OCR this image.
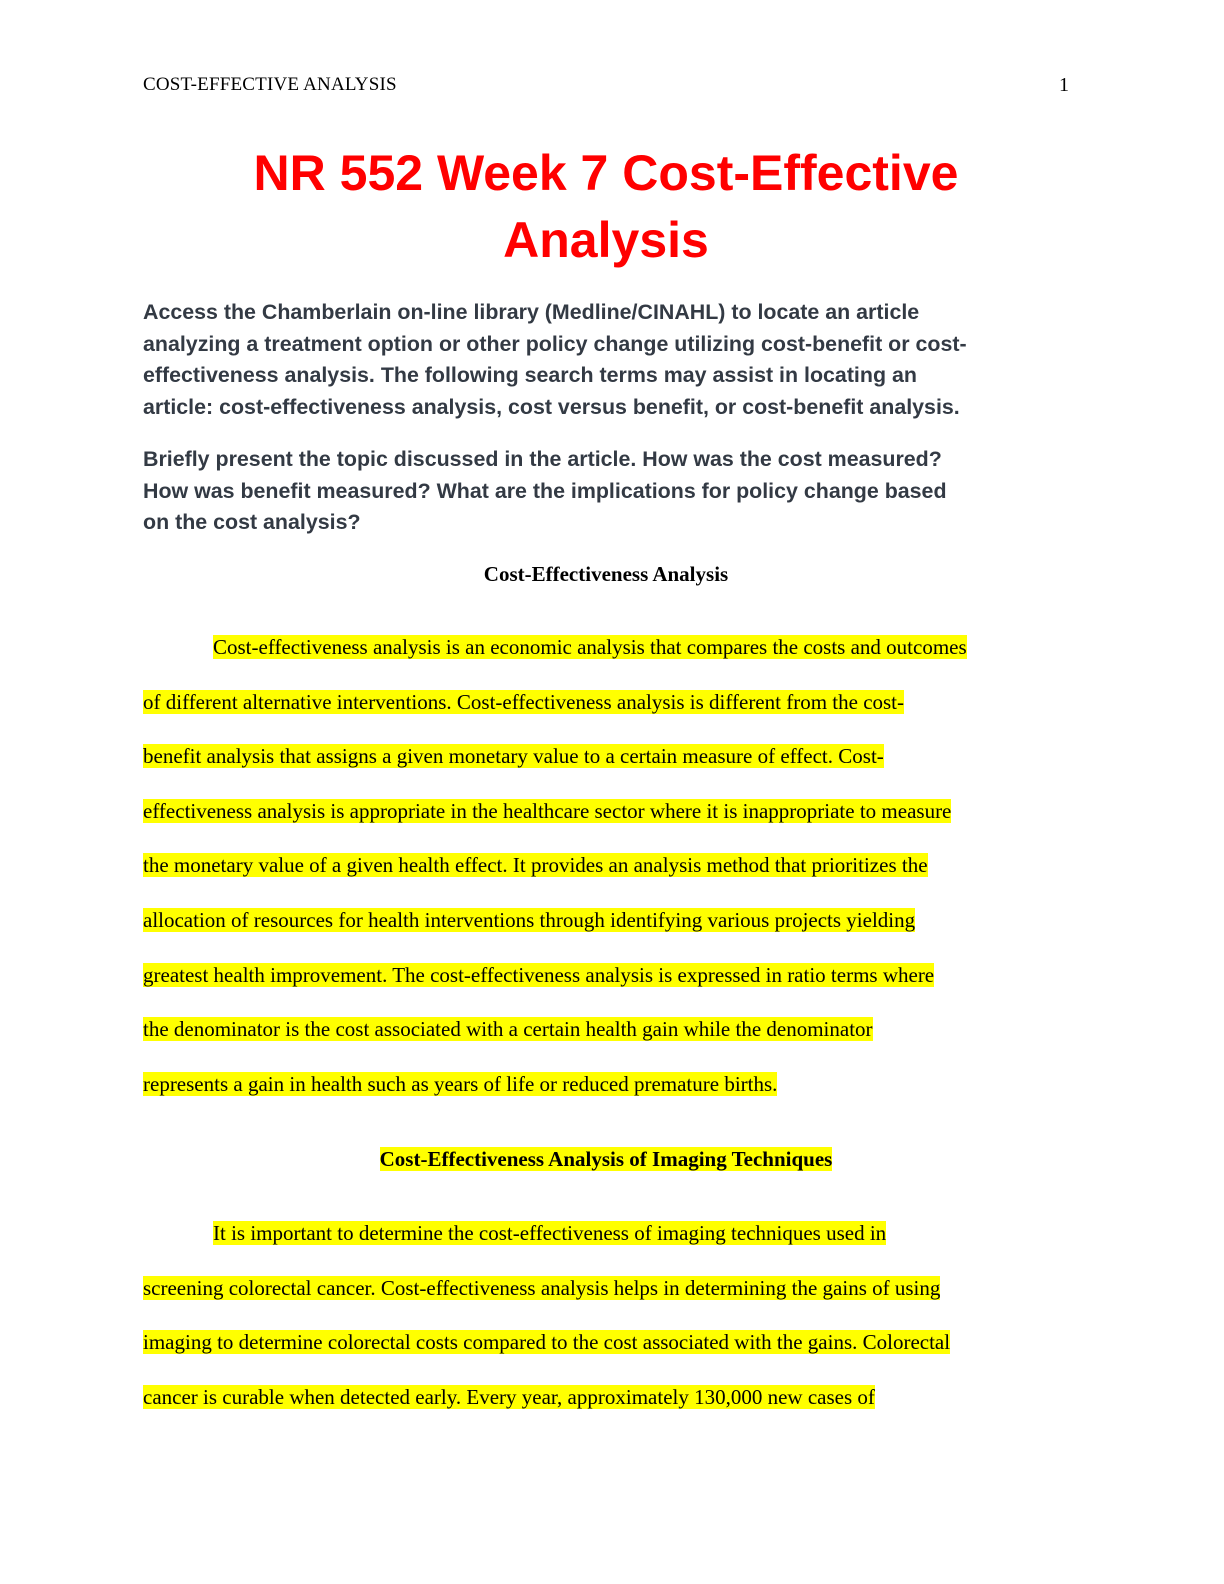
COST-EFFECTIVE ANALYSIS	1
NR 552 Week 7 Cost-Effective
Analysis

Access the Chamberlain on-line library (Medline/CINAHL) to locate an article
analyzing a treatment option or other policy change utilizing cost-benefit or cost-
effectiveness analysis. The following search terms may assist in locating an
article: cost-effectiveness analysis, cost versus benefit, or cost-benefit analysis.

Briefly present the topic discussed in the article. How was the cost measured?
How was benefit measured? What are the implications for policy change based
on the cost analysis?

Cost-Effectiveness Analysis
Cost-effectiveness analysis is an economic analysis that compares the costs and outcomes
of different alternative interventions. Cost-effectiveness analysis is different from the cost-
benefit analysis that assigns a given monetary value to a certain measure of effect. Cost-
effectiveness analysis is appropriate in the healthcare sector where it is inappropriate to measure
the monetary value of a given health effect. It provides an analysis method that prioritizes the
allocation of resources for health interventions through identifying various projects yielding
greatest health improvement. The cost-effectiveness analysis is expressed in ratio terms where
the denominator is the cost associated with a certain health gain while the denominator
represents a gain in health such as years of life or reduced premature births.
Cost-Effectiveness Analysis of Imaging Techniques
It is important to determine the cost-effectiveness of imaging techniques used in
screening colorectal cancer. Cost-effectiveness analysis helps in determining the gains of using
imaging to determine colorectal costs compared to the cost associated with the gains. Colorectal
cancer is curable when detected early. Every year, approximately 130,000 new cases of
